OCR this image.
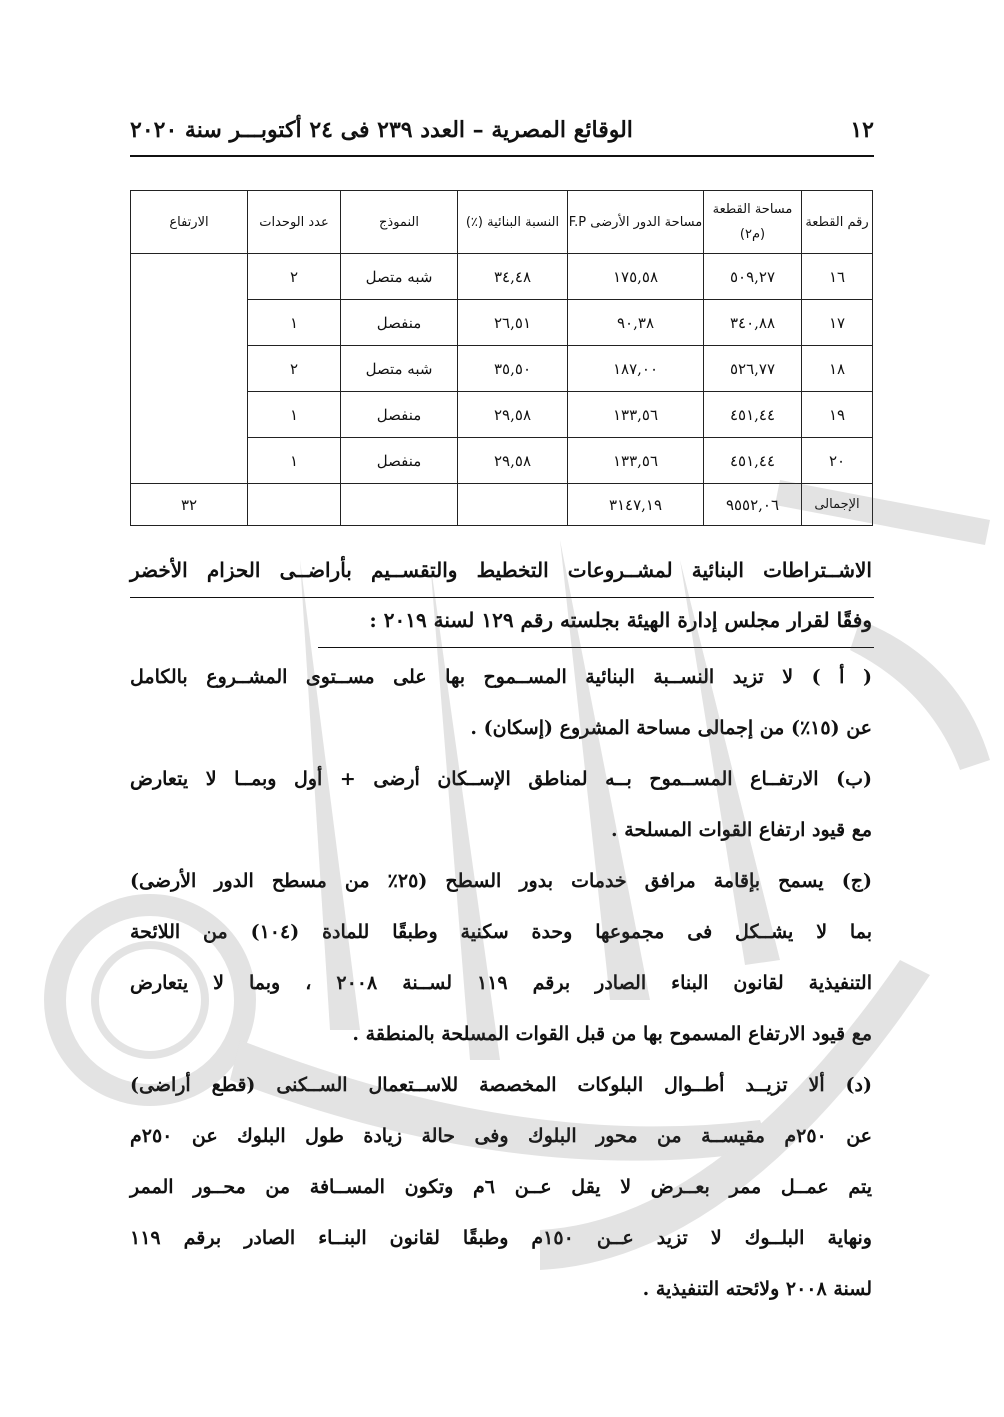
١٢
الوقائع المصرية – العدد ٢٣٩ فى ٢٤ أكتوبـــر سنة ٢٠٢٠
رقم القطعة	مساحة القطعة (م٢)	مساحة الدور الأرضى F.P	النسبة البنائية (٪)	النموذج	عدد الوحدات	الارتفاع
١٦	٥٠٩,٢٧	١٧٥,٥٨	٣٤,٤٨	شبه متصل	٢	
١٧	٣٤٠,٨٨	٩٠,٣٨	٢٦,٥١	منفصل	١	
١٨	٥٢٦,٧٧	١٨٧,٠٠	٣٥,٥٠	شبه متصل	٢	
١٩	٤٥١,٤٤	١٣٣,٥٦	٢٩,٥٨	منفصل	١	
٢٠	٤٥١,٤٤	١٣٣,٥٦	٢٩,٥٨	منفصل	١	
الإجمالى	٩٥٥٢,٠٦	٣١٤٧,١٩				٣٢
الاشــتراطات البنائية لمشــروعات التخطيط والتقســيم بأراضــى الحزام الأخضر
وفقًا لقرار مجلس إدارة الهيئة بجلسته رقم ١٢٩ لسنة ٢٠١٩ :
( أ ) لا تزيد النســبة البنائية المســموح بها على مســتوى المشــروع بالكامل
عن (١٥٪) من إجمالى مساحة المشروع (إسكان) .
(ب) الارتفــاع المســموح بــه لمناطق الإســكان أرضى + أول وبمــا لا يتعارض
مع قيود ارتفاع القوات المسلحة .
(ج) يسمح بإقامة مرافق خدمات بدور السطح (٢٥٪ من مسطح الدور الأرضى)
بما لا يشــكل فى مجموعها وحدة سكنية وطبقًا للمادة (١٠٤) من اللائحة
التنفيذية لقانون البناء الصادر برقم ١١٩ لســنة ٢٠٠٨ ، وبما لا يتعارض
مع قيود الارتفاع المسموح بها من قبل القوات المسلحة بالمنطقة .
(د) ألا تزيــد أطــوال البلوكات المخصصة للاســتعمال الســكنى (قطع أراضى)
عن ٢٥٠م مقيســة من محور البلوك وفى حالة زيادة طول البلوك عن ٢٥٠م
يتم عمــل ممر بعــرض لا يقل عــن ٦م وتكون المســافة من محــور الممر
ونهاية البلــوك لا تزيد عــن ١٥٠م وطبقًا لقانون البنــاء الصادر برقم ١١٩
لسنة ٢٠٠٨ ولائحته التنفيذية .
